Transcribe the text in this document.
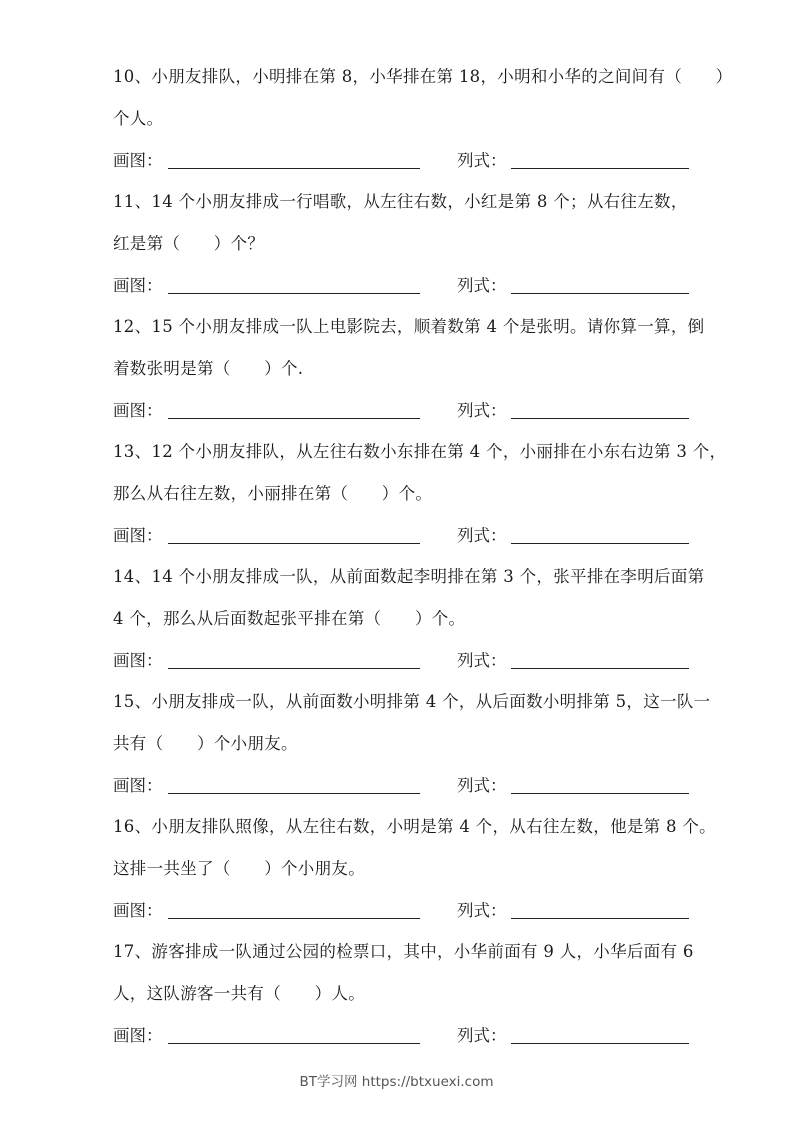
10、小朋友排队，小明排在第 8，小华排在第 18，小明和小华的之间间有（　　）
个人。
画图：	列式：
11、14 个小朋友排成一行唱歌，从左往右数，小红是第 8 个；从右往左数，
红是第（　　）个？
画图：	列式：
12、15 个小朋友排成一队上电影院去，顺着数第 4 个是张明。请你算一算，倒
着数张明是第（　　）个.
画图：	列式：
13、12 个小朋友排队，从左往右数小东排在第 4 个，小丽排在小东右边第 3 个，
那么从右往左数，小丽排在第（　　）个。
画图：	列式：
14、14 个小朋友排成一队，从前面数起李明排在第 3 个，张平排在李明后面第
4 个，那么从后面数起张平排在第（　　）个。
画图：	列式：
15、小朋友排成一队，从前面数小明排第 4 个，从后面数小明排第 5，这一队一
共有（　　）个小朋友。
画图：	列式：
16、小朋友排队照像，从左往右数，小明是第 4 个，从右往左数，他是第 8 个。
这排一共坐了（　　）个小朋友。
画图：	列式：
17、游客排成一队通过公园的检票口，其中，小华前面有 9 人，小华后面有 6
人，这队游客一共有（　　）人。
画图：	列式：
BT学习网 https://btxuexi.com
